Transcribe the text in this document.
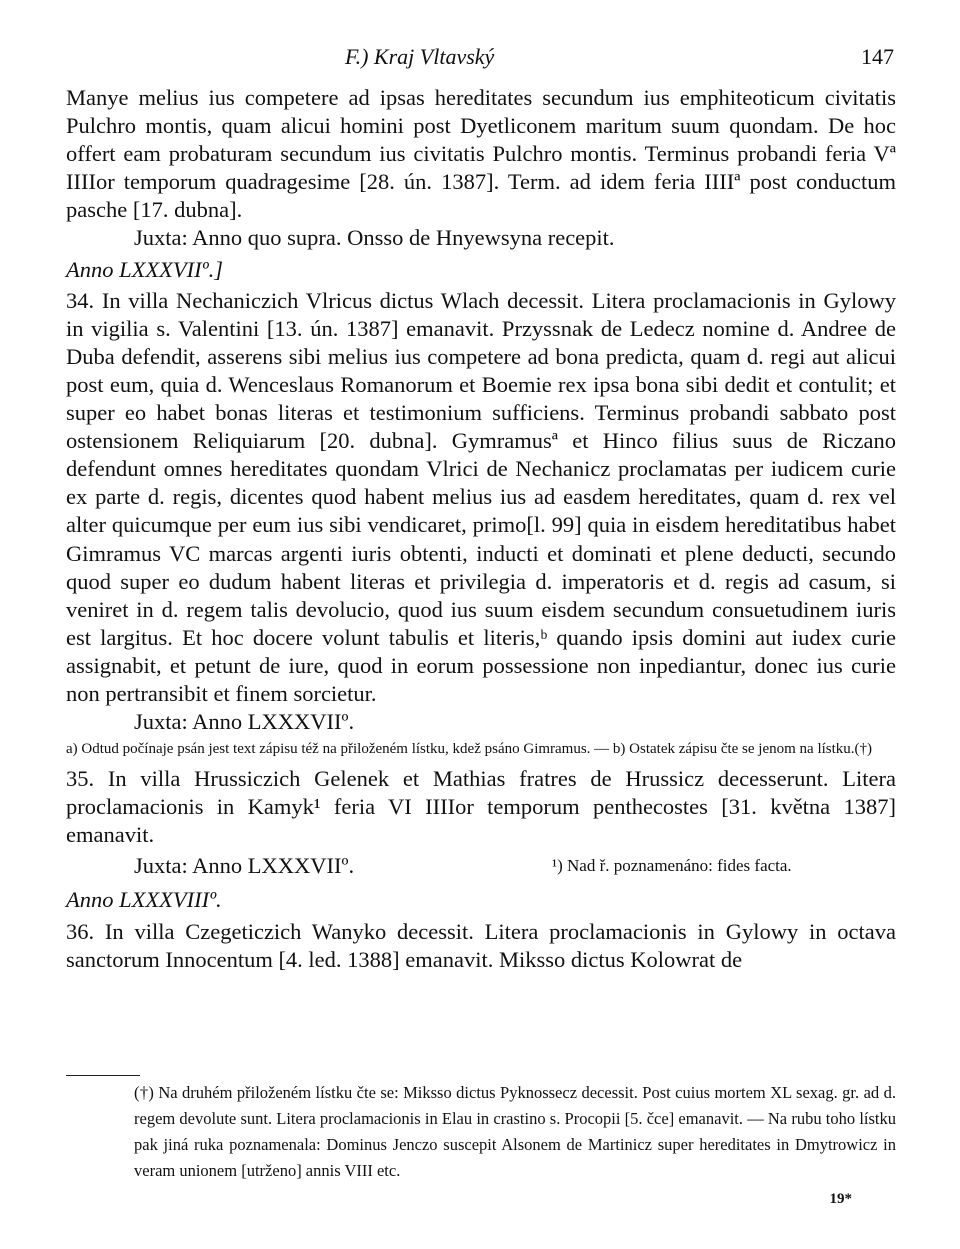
F.) Kraj Vltavský	147

Manye melius ius competere ad ipsas hereditates secundum ius emphiteoticum civitatis Pulchro montis, quam alicui homini post Dyetliconem maritum suum quondam. De hoc offert eam probaturam secundum ius civitatis Pulchro montis. Terminus probandi feria Vª IIIIor temporum quadragesime [28. ún. 1387]. Term. ad idem feria IIIIª post conductum pasche [17. dubna].

Juxta: Anno quo supra. Onsso de Hnyewsyna recepit.

Anno LXXXVIIº.]

34. In villa Nechaniczich Vlricus dictus Wlach decessit. Litera proclamacionis in Gylowy in vigilia s. Valentini [13. ún. 1387] emanavit. Przyssnak de Ledecz nomine d. Andree de Duba defendit, asserens sibi melius ius competere ad bona predicta, quam d. regi aut alicui post eum, quia d. Wenceslaus Romanorum et Boemie rex ipsa bona sibi dedit et contulit; et super eo habet bonas literas et testimonium sufficiens. Terminus probandi sabbato post ostensionem Reliquiarum [20. dubna]. Gymramusª et Hinco filius suus de Riczano defendunt omnes hereditates quondam Vlrici de Nechanicz proclamatas per iudicem curie ex parte d. regis, dicentes quod habent melius ius ad easdem hereditates, quam d. rex vel alter quicumque per eum ius sibi vendicaret, primo[l. 99] quia in eisdem hereditatibus habet Gimramus VC marcas argenti iuris obtenti, inducti et dominati et plene deducti, secundo quod super eo dudum habent literas et privilegia d. imperatoris et d. regis ad casum, si veniret in d. regem talis devolucio, quod ius suum eisdem secundum consuetudinem iuris est largitus. Et hoc docere volunt tabulis et literis,ᵇ quando ipsis domini aut iudex curie assignabit, et petunt de iure, quod in eorum possessione non inpediantur, donec ius curie non pertransibit et finem sorcietur.

Juxta: Anno LXXXVIIº.

a) Odtud počínaje psán jest text zápisu též na přiloženém lístku, kdež psáno Gimramus. — b) Ostatek zápisu čte se jenom na lístku.(†)

35. In villa Hrussiczich Gelenek et Mathias fratres de Hrussicz decesserunt. Litera proclamacionis in Kamyk¹ feria VI IIIIor temporum penthecostes [31. května 1387] emanavit.

Juxta: Anno LXXXVIIº.	¹) Nad ř. poznamenáno: fides facta.

Anno LXXXVIIIº.

36. In villa Czegeticzich Wanyko decessit. Litera proclamacionis in Gylowy in octava sanctorum Innocentum [4. led. 1388] emanavit. Miksso dictus Kolowrat de

(†) Na druhém přiloženém lístku čte se: Miksso dictus Pyknossecz decessit. Post cuius mortem XL sexag. gr. ad d. regem devolute sunt. Litera proclamacionis in Elau in crastino s. Procopii [5. čce] emanavit. — Na rubu toho lístku pak jiná ruka poznamenala: Dominus Jenczo suscepit Alsonem de Martinicz super hereditates in Dmytrowicz in veram unionem [utrženo] annis VIII etc.

19*
